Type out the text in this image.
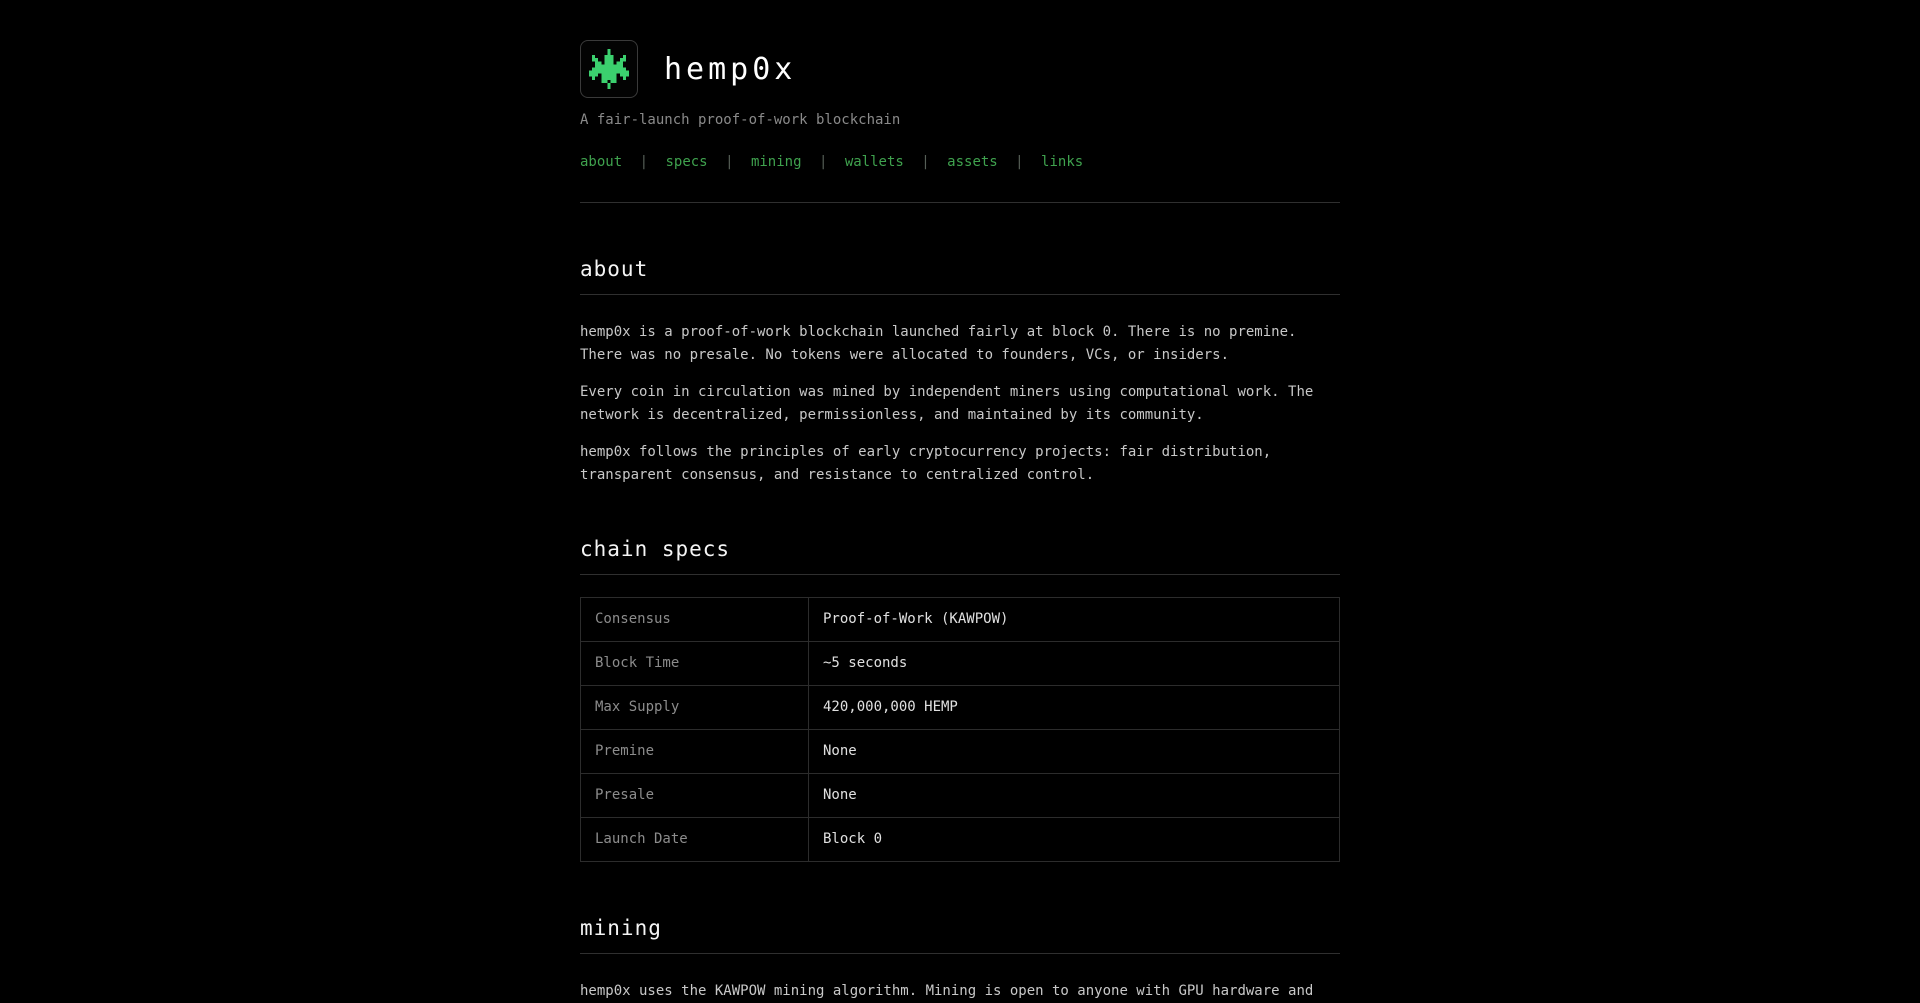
hemp0x
A fair-launch proof-of-work blockchain
about | specs | mining | wallets | assets | links
about

hemp0x is a proof-of-work blockchain launched fairly at block 0. There is no premine. There was no presale. No tokens were allocated to founders, VCs, or insiders.

Every coin in circulation was mined by independent miners using computational work. The network is decentralized, permissionless, and maintained by its community.

hemp0x follows the principles of early cryptocurrency projects: fair distribution, transparent consensus, and resistance to centralized control.

chain specs
Consensus	Proof-of-Work (KAWPOW)
Block Time	~5 seconds
Max Supply	420,000,000 HEMP
Premine	None
Presale	None
Launch Date	Block 0
mining

hemp0x uses the KAWPOW mining algorithm. Mining is open to anyone with GPU hardware and
